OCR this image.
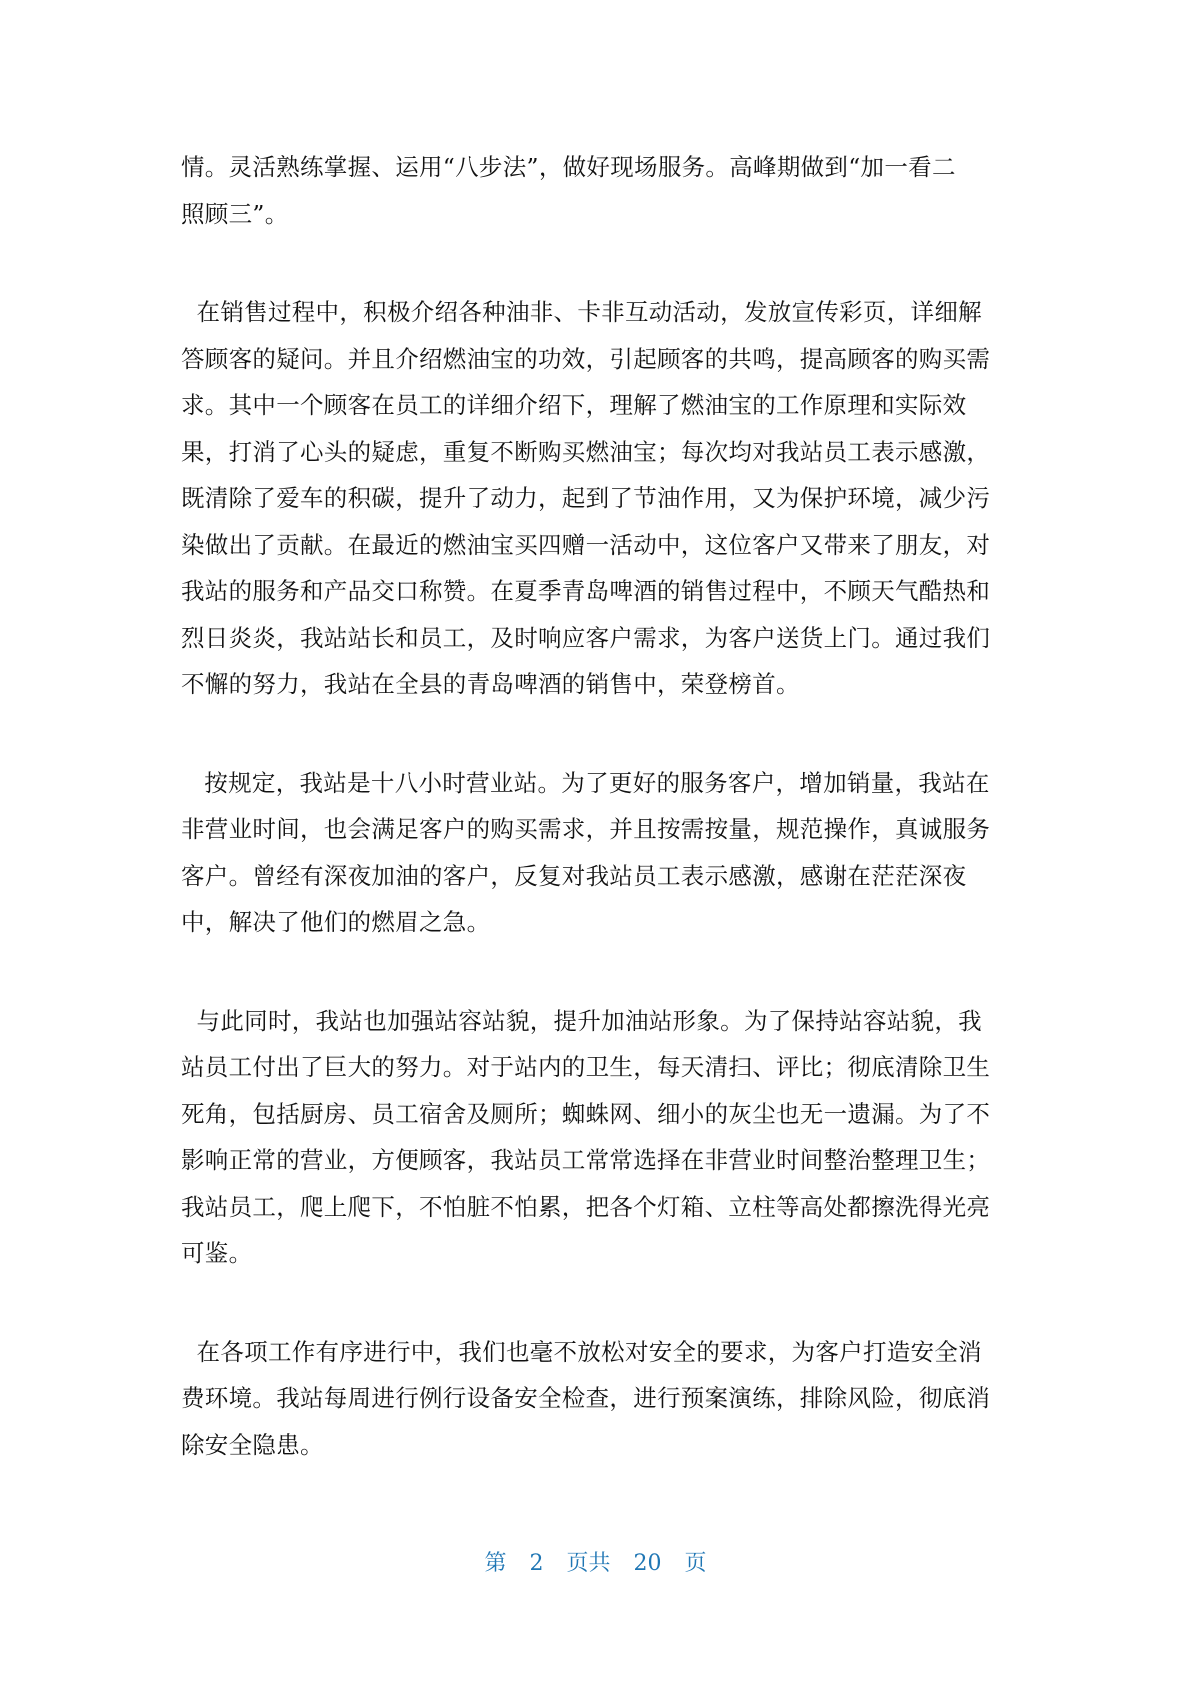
情。灵活熟练掌握、运用“八步法”，做好现场服务。高峰期做到“加一看二
照顾三”。

在销售过程中，积极介绍各种油非、卡非互动活动，发放宣传彩页，详细解
答顾客的疑问。并且介绍燃油宝的功效，引起顾客的共鸣，提高顾客的购买需
求。其中一个顾客在员工的详细介绍下，理解了燃油宝的工作原理和实际效
果，打消了心头的疑虑，重复不断购买燃油宝；每次均对我站员工表示感激，
既清除了爱车的积碳，提升了动力，起到了节油作用，又为保护环境，减少污
染做出了贡献。在最近的燃油宝买四赠一活动中，这位客户又带来了朋友，对
我站的服务和产品交口称赞。在夏季青岛啤酒的销售过程中，不顾天气酷热和
烈日炎炎，我站站长和员工，及时响应客户需求，为客户送货上门。通过我们
不懈的努力，我站在全县的青岛啤酒的销售中，荣登榜首。

按规定，我站是十八小时营业站。为了更好的服务客户，增加销量，我站在
非营业时间，也会满足客户的购买需求，并且按需按量，规范操作，真诚服务
客户。曾经有深夜加油的客户，反复对我站员工表示感激，感谢在茫茫深夜
中，解决了他们的燃眉之急。

与此同时，我站也加强站容站貌，提升加油站形象。为了保持站容站貌，我
站员工付出了巨大的努力。对于站内的卫生，每天清扫、评比；彻底清除卫生
死角，包括厨房、员工宿舍及厕所；蜘蛛网、细小的灰尘也无一遗漏。为了不
影响正常的营业，方便顾客，我站员工常常选择在非营业时间整治整理卫生；
我站员工，爬上爬下，不怕脏不怕累，把各个灯箱、立柱等高处都擦洗得光亮
可鉴。

在各项工作有序进行中，我们也毫不放松对安全的要求，为客户打造安全消
费环境。我站每周进行例行设备安全检查，进行预案演练，排除风险，彻底消
除安全隐患。

第 2 页共 20 页
